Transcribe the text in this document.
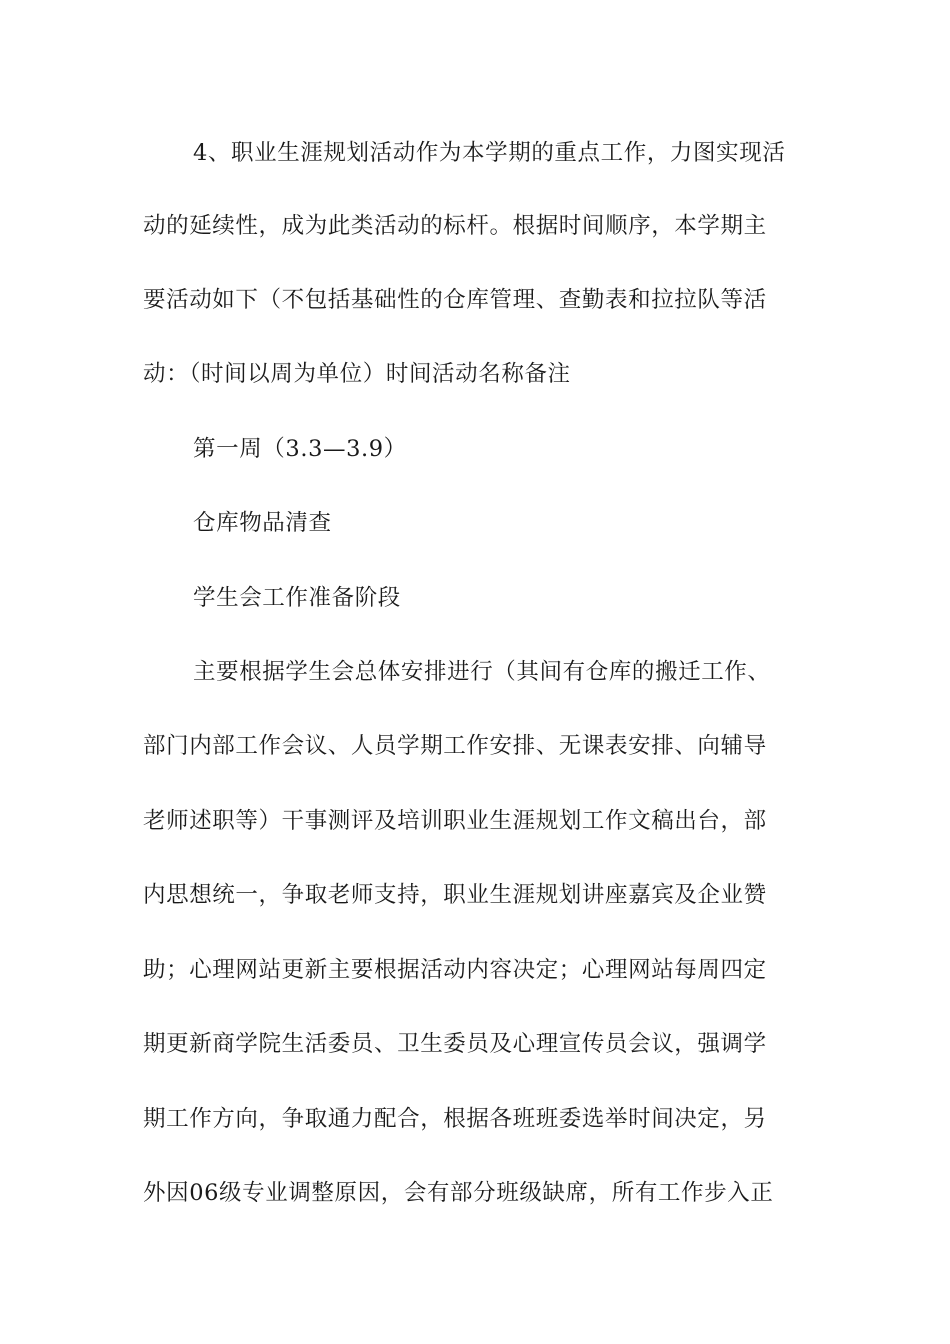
4、职业生涯规划活动作为本学期的重点工作，力图实现活
动的延续性，成为此类活动的标杆。根据时间顺序，本学期主
要活动如下（不包括基础性的仓库管理、查勤表和拉拉队等活
动：（时间以周为单位）时间活动名称备注
第一周（3.3—3.9）
仓库物品清查
学生会工作准备阶段
主要根据学生会总体安排进行（其间有仓库的搬迁工作、
部门内部工作会议、人员学期工作安排、无课表安排、向辅导
老师述职等）干事测评及培训职业生涯规划工作文稿出台，部
内思想统一，争取老师支持，职业生涯规划讲座嘉宾及企业赞
助；心理网站更新主要根据活动内容决定；心理网站每周四定
期更新商学院生活委员、卫生委员及心理宣传员会议，强调学
期工作方向，争取通力配合，根据各班班委选举时间决定，另
外因06级专业调整原因，会有部分班级缺席，所有工作步入正
